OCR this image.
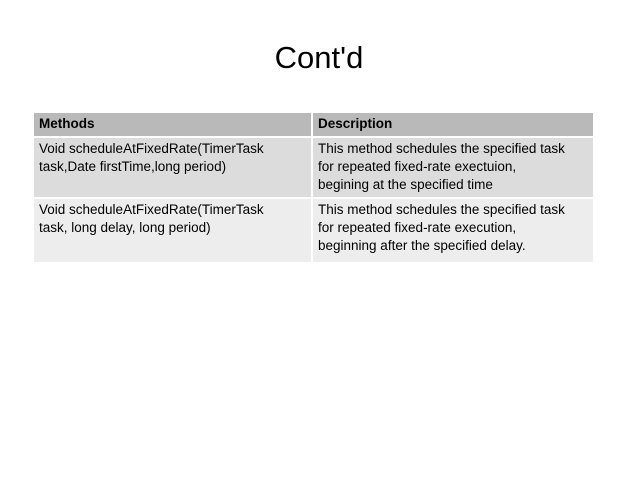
Cont'd
Methods	Description
Void scheduleAtFixedRate(TimerTask
task,Date firstTime,long period)	This method schedules the specified task
for repeated fixed-rate exectuion,
begining at the specified time
Void scheduleAtFixedRate(TimerTask
task, long delay, long period)	This method schedules the specified task
for repeated fixed-rate execution,
beginning after the specified delay.
